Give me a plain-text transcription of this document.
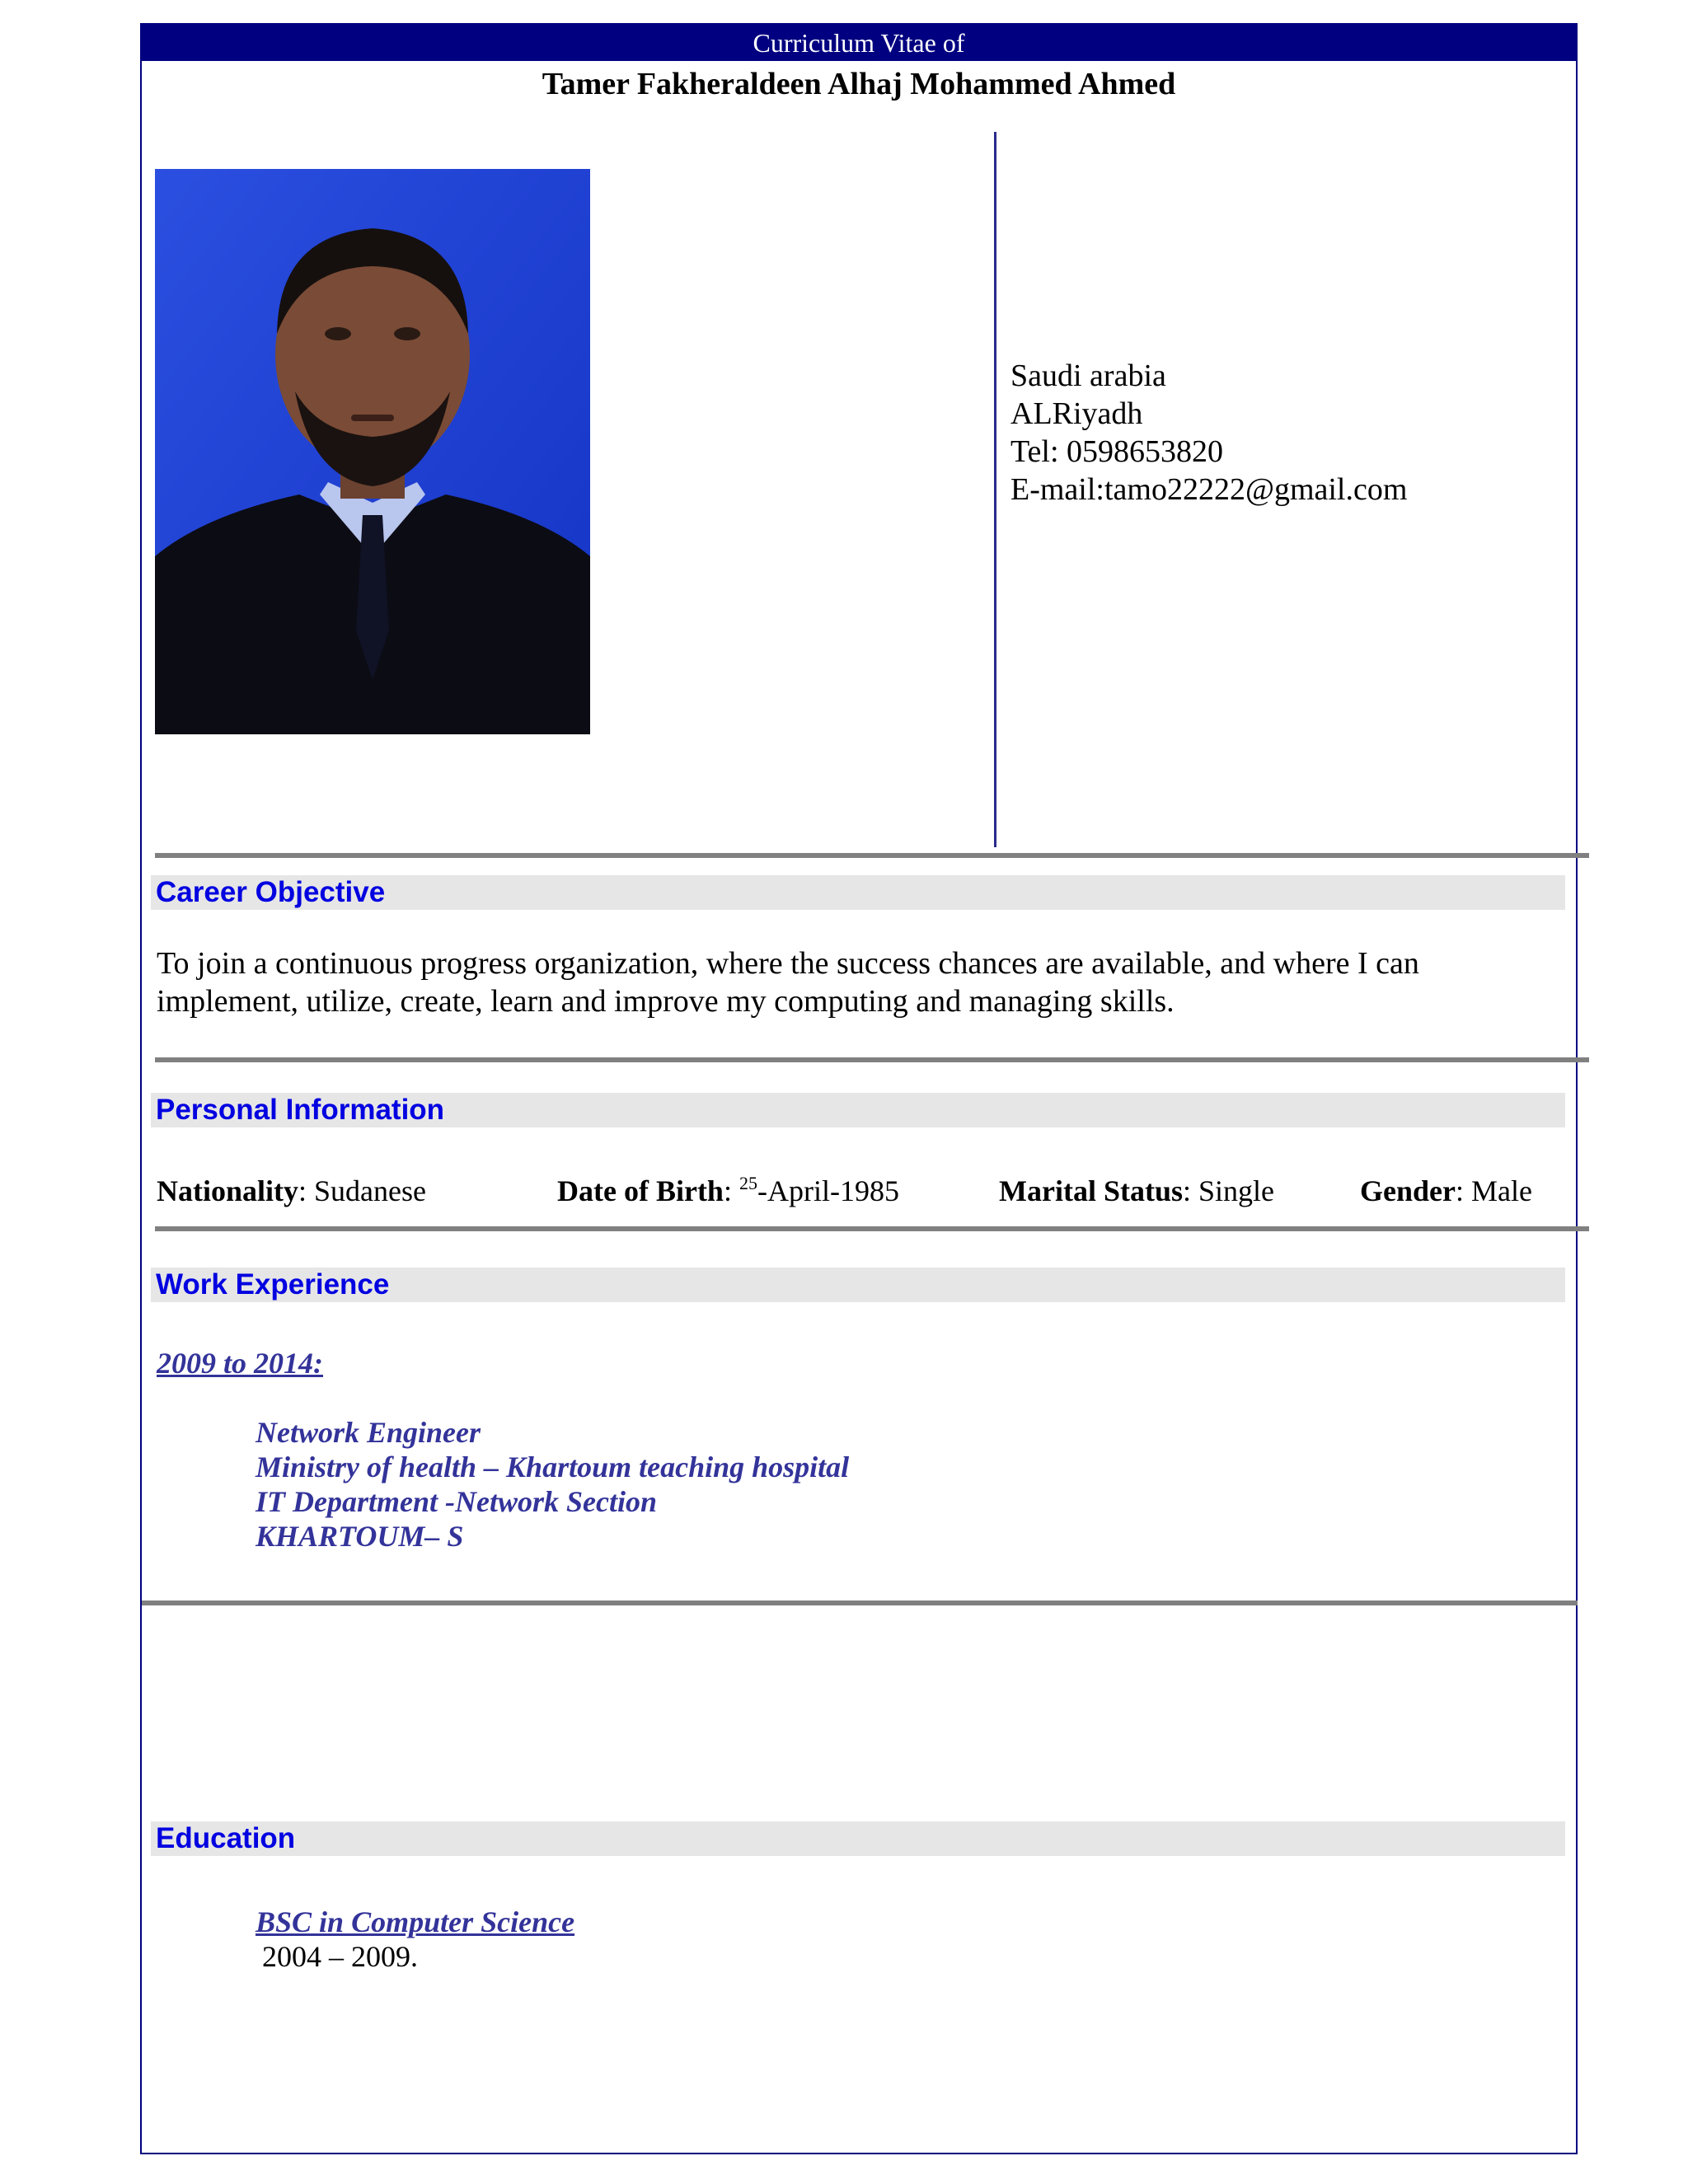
Curriculum Vitae of
Tamer Fakheraldeen Alhaj Mohammed Ahmed
Saudi arabia
ALRiyadh
Tel: 0598653820
E-mail:tamo22222@gmail.com
Career Objective
To join a continuous progress organization, where the success chances are available, and where I can implement, utilize, create, learn and improve my computing and managing skills.
Personal Information
Nationality: Sudanese	Date of Birth: $^{25}$-April-1985	Marital Status: Single	Gender: Male
Work Experience
2009 to 2014:
Network Engineer
Ministry of health – Khartoum teaching hospital
IT Department -Network Section
KHARTOUM– S
Education
BSC in Computer Science
2004 – 2009.
